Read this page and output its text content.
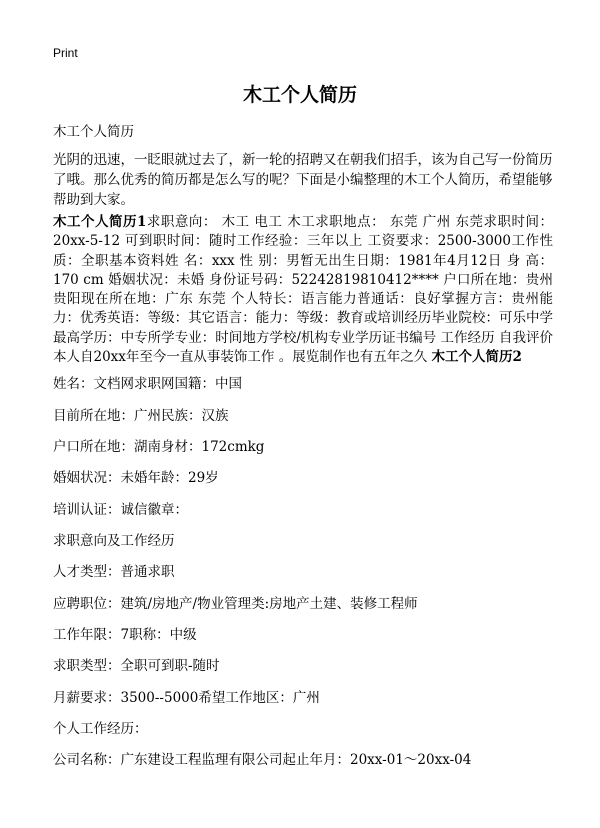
Print
木工个人简历
木工个人简历
光阴的迅速，一眨眼就过去了，新一轮的招聘又在朝我们招手，该为自己写一份简历了哦。那么优秀的简历都是怎么写的呢？下面是小编整理的木工个人简历，希望能够帮助到大家。
木工个人简历1求职意向： 木工 电工 木工求职地点： 东莞 广州 东莞求职时间：20xx-5-12 可到职时间：随时工作经验：三年以上 工资要求：2500-3000工作性质：全职基本资料姓 名：xxx 性 别：男暂无出生日期：1981年4月12日 身 高：170 cm 婚姻状况：未婚 身份证号码：52242819810412**** 户口所在地：贵州 贵阳现在所在地：广东 东莞 个人特长：语言能力普通话：良好掌握方言：贵州能力：优秀英语：等级：其它语言：能力：等级：教育或培训经历毕业院校：可乐中学最高学历：中专所学专业：时间地方学校/机构专业学历证书编号 工作经历 自我评价本人自20xx年至今一直从事装饰工作 。展览制作也有五年之久 木工个人简历2
姓名：文档网求职网国籍：中国
目前所在地：广州民族：汉族
户口所在地：湖南身材：172cmkg
婚姻状况：未婚年龄：29岁
培训认证：诚信徽章：
求职意向及工作经历
人才类型：普通求职
应聘职位：建筑/房地产/物业管理类:房地产土建、装修工程师
工作年限：7职称：中级
求职类型：全职可到职-随时
月薪要求：3500--5000希望工作地区：广州
个人工作经历：
公司名称：广东建设工程监理有限公司起止年月：20xx-01～20xx-04
